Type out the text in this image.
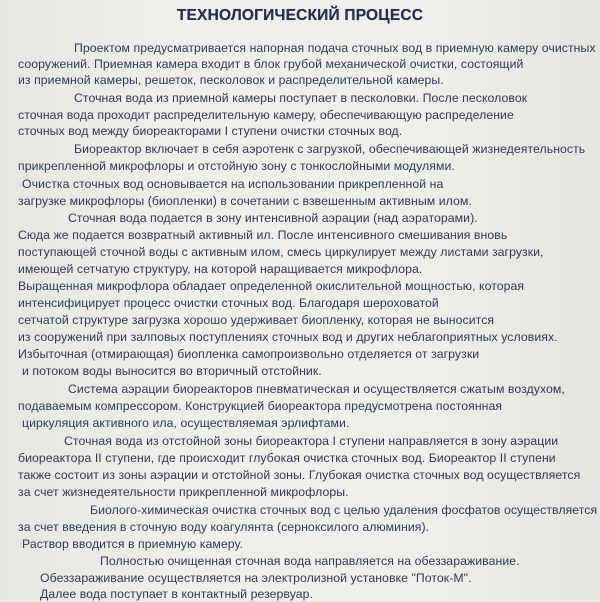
ТЕХНОЛОГИЧЕСКИЙ ПРОЦЕСС
Проектом предусматривается напорная подача сточных вод в приемную камеру очистных
сооружений. Приемная камера входит в блок грубой механической очистки, состоящий
из приемной камеры, решеток, песколовок и распределительной камеры.
Сточная вода из приемной камеры поступает в песколовки. После песколовок
сточная вода проходит распределительную камеру, обеспечивающую распределение
сточных вод между биореакторами I ступени очистки сточных вод.
Биореактор включает в себя аэротенк с загрузкой, обеспечивающей жизнедеятельность
прикрепленной микрофлоры и отстойную зону с тонкослойными модулями.
Очистка сточных вод основывается на использовании прикрепленной на
загрузке микрофлоры (биопленки) в сочетании с взвешенным активным илом.
Сточная вода подается в зону интенсивной аэрации (над аэраторами).
Сюда же подается возвратный активный ил. После интенсивного смешивания вновь
поступающей сточной воды с активным илом, смесь циркулирует между листами загрузки,
имеющей сетчатую структуру, на которой наращивается микрофлора.
Выращенная микрофлора обладает определенной окислительной мощностью, которая
интенсифицирует процесс очистки сточных вод. Благодаря шероховатой
сетчатой структуре загрузка хорошо удерживает биопленку, которая не выносится
из сооружений при залповых поступлениях сточных вод и других неблагоприятных условиях.
Избыточная (отмирающая) биопленка самопроизвольно отделяется от загрузки
и потоком воды выносится во вторичный отстойник.
Система аэрации биореакторов пневматическая и осуществляется сжатым воздухом,
подаваемым компрессором. Конструкцией биореактора предусмотрена постоянная
циркуляция активного ила, осуществляемая эрлифтами.
Сточная вода из отстойной зоны биореактора I ступени направляется в зону аэрации
биореактора II ступени, где происходит глубокая очистка сточных вод. Биореактор II ступени
также состоит из зоны аэрации и отстойной зоны. Глубокая очистка сточных вод осуществляется
за счет жизнедеятельности прикрепленной микрофлоры.
Биолого-химическая очистка сточных вод с целью удаления фосфатов осуществляется
за счет введения в сточную воду коагулянта (серноксилого алюминия).
Раствор вводится в приемную камеру.
Полностью очищенная сточная вода направляется на обеззараживание.
Обеззараживание осуществляется на электролизной установке "Поток-М".
Далее вода поступает в контактный резервуар.
